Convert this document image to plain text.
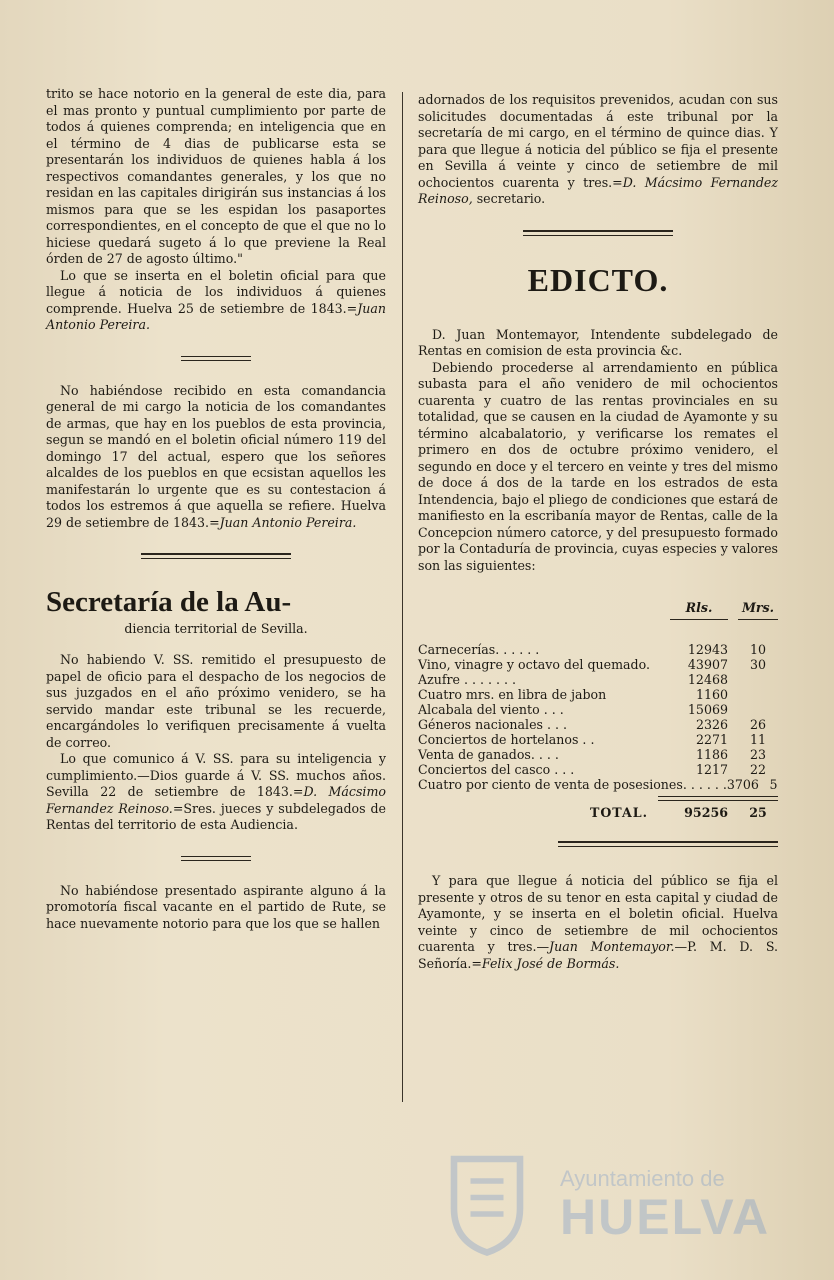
trito se hace notorio en la general de este dia, para el mas pronto y puntual cumplimiento por parte de todos á quienes comprenda; en inteligencia que en el término de 4 dias de publicarse esta se presentarán los individuos de quienes habla á los respectivos comandantes generales, y los que no residan en las capitales dirigirán sus instancias á los mismos para que se les espidan los pasaportes correspondientes, en el concepto de que el que no lo hiciese quedará sugeto á lo que previene la Real órden de 27 de agosto último."

Lo que se inserta en el boletin oficial para que llegue á noticia de los individuos á quienes comprende. Huelva 25 de setiembre de 1843.=Juan Antonio Pereira.

No habiéndose recibido en esta comandancia general de mi cargo la noticia de los comandantes de armas, que hay en los pueblos de esta provincia, segun se mandó en el boletin oficial número 119 del domingo 17 del actual, espero que los señores alcaldes de los pueblos en que ecsistan aquellos les manifestarán lo urgente que es su contestacion á todos los estremos á que aquella se refiere. Huelva 29 de setiembre de 1843.=Juan Antonio Pereira.

Secretaría de la Au-
diencia territorial de Sevilla.

No habiendo V. SS. remitido el presupuesto de papel de oficio para el despacho de los negocios de sus juzgados en el año próximo venidero, se ha servido mandar este tribunal se les recuerde, encargándoles lo verifiquen precisamente á vuelta de correo.

Lo que comunico á V. SS. para su inteligencia y cumplimiento.—Dios guarde á V. SS. muchos años. Sevilla 22 de setiembre de 1843.=D. Mácsimo Fernandez Reinoso.=Sres. jueces y subdelegados de Rentas del territorio de esta Audiencia.

No habiéndose presentado aspirante alguno á la promotoría fiscal vacante en el partido de Rute, se hace nuevamente notorio para que los que se hallen

adornados de los requisitos prevenidos, acudan con sus solicitudes documentadas á este tribunal por la secretaría de mi cargo, en el término de quince dias. Y para que llegue á noticia del público se fija el presente en Sevilla á veinte y cinco de setiembre de mil ochocientos cuarenta y tres.=D. Mácsimo Fernandez Reinoso, secretario.

EDICTO.

D. Juan Montemayor, Intendente subdelegado de Rentas en comision de esta provincia &c.

Debiendo procederse al arrendamiento en pública subasta para el año venidero de mil ochocientos cuarenta y cuatro de las rentas provinciales en su totalidad, que se causen en la ciudad de Ayamonte y su término alcabalatorio, y verificarse los remates el primero en dos de octubre próximo venidero, el segundo en doce y el tercero en veinte y tres del mismo de doce á dos de la tarde en los estrados de esta Intendencia, bajo el pliego de condiciones que estará de manifiesto en la escribanía mayor de Rentas, calle de la Concepcion número catorce, y del presupuesto formado por la Contaduría de provincia, cuyas especies y valores son las siguientes:

Rls.	Mrs.
Carnecerías. . . . . .	12943	10
Vino, vinagre y octavo del quemado.	43907	30
Azufre . . . . . . .	12468
Cuatro mrs. en libra de jabon	1160
Alcabala del viento . . .	15069
Géneros nacionales . . .	2326	26
Conciertos de hortelanos . .	2271	11
Venta de ganados. . . .	1186	23
Conciertos del casco . . .	1217	22
Cuatro por ciento de venta de posesiones. . . . . . 3706 5
TOTAL.	95256	25

Y para que llegue á noticia del público se fija el presente y otros de su tenor en esta capital y ciudad de Ayamonte, y se inserta en el boletin oficial. Huelva veinte y cinco de setiembre de mil ochocientos cuarenta y tres.—Juan Montemayor.—P. M. D. S. Señoría.=Felix José de Bormás.

Ayuntamiento de
HUELVA
